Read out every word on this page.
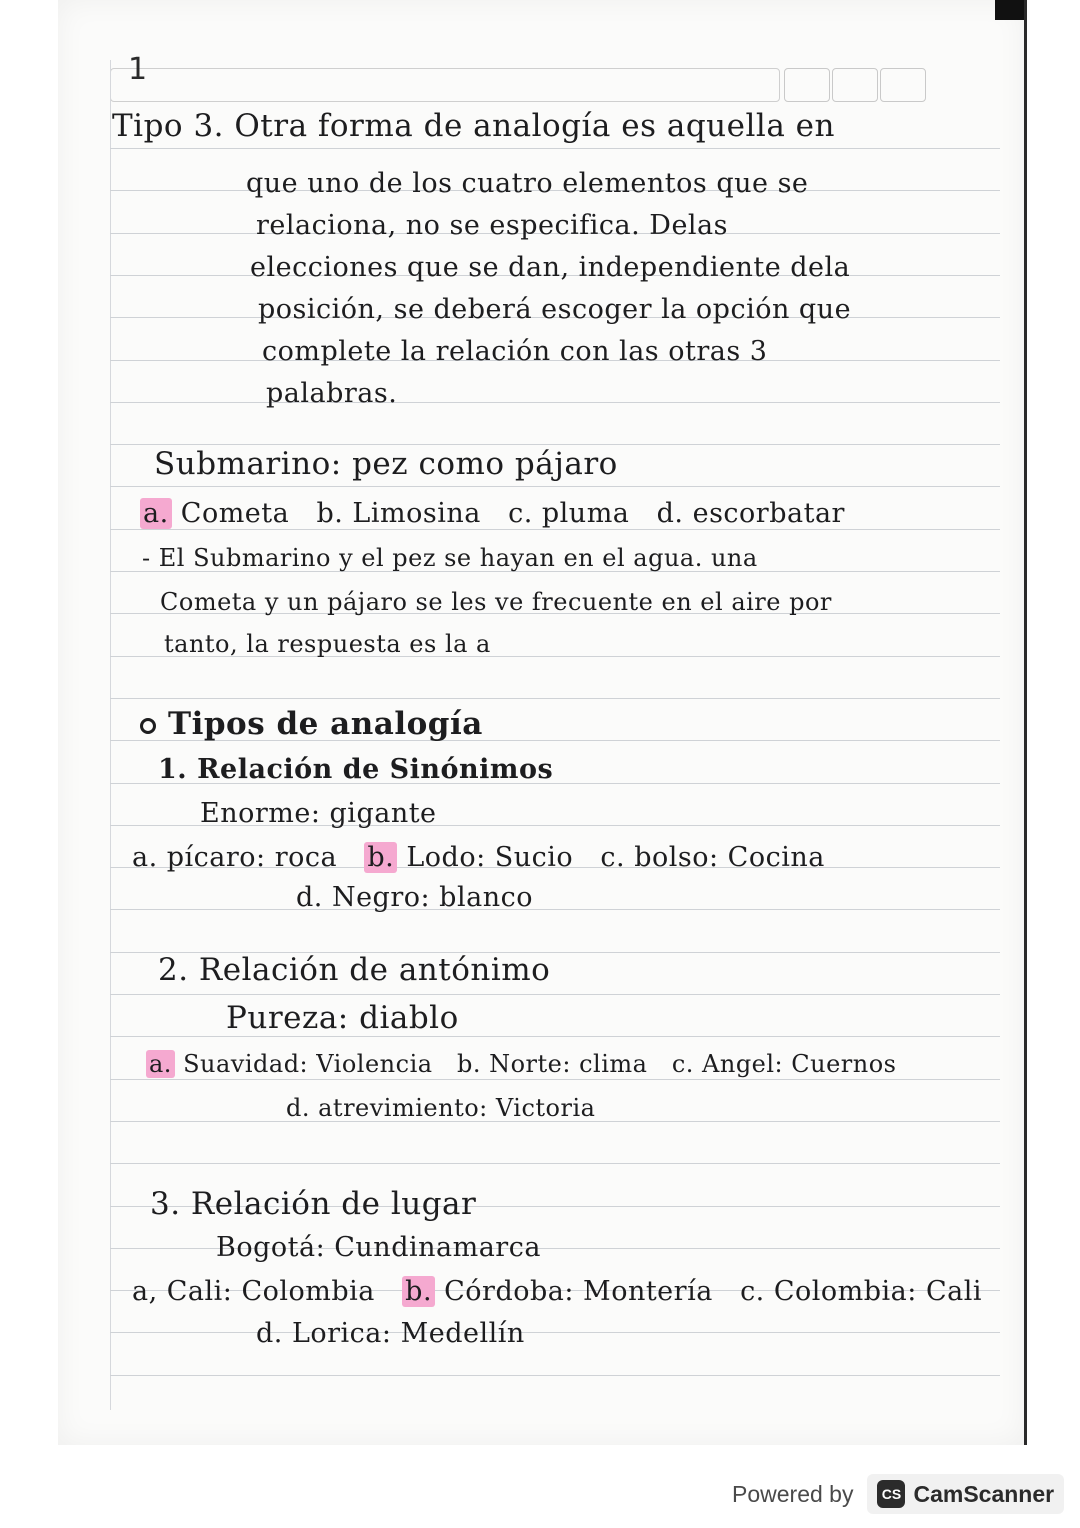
1
Tipo 3. Otra forma de analogía es aquella en
que uno de los cuatro elementos que se
relaciona, no se especifica. Delas
elecciones que se dan, independiente dela
posición, se deberá escoger la opción que
complete la relación con las otras 3
palabras.
Submarino: pez como pájaro
a. Cometa b. Limosina c. pluma d. escorbatar
- El Submarino y el pez se hayan en el agua. una
Cometa y un pájaro se les ve frecuente en el aire por
tanto, la respuesta es la a
Tipos de analogía
1. Relación de Sinónimos
Enorme: gigante
a. pícaro: roca b. Lodo: Sucio c. bolso: Cocina
d. Negro: blanco
2. Relación de antónimo
Pureza: diablo
a. Suavidad: Violencia b. Norte: clima c. Angel: Cuernos
d. atrevimiento: Victoria
3. Relación de lugar
Bogotá: Cundinamarca
a, Cali: Colombia b. Córdoba: Montería c. Colombia: Cali
d. Lorica: Medellín
Powered by	CS CamScanner
